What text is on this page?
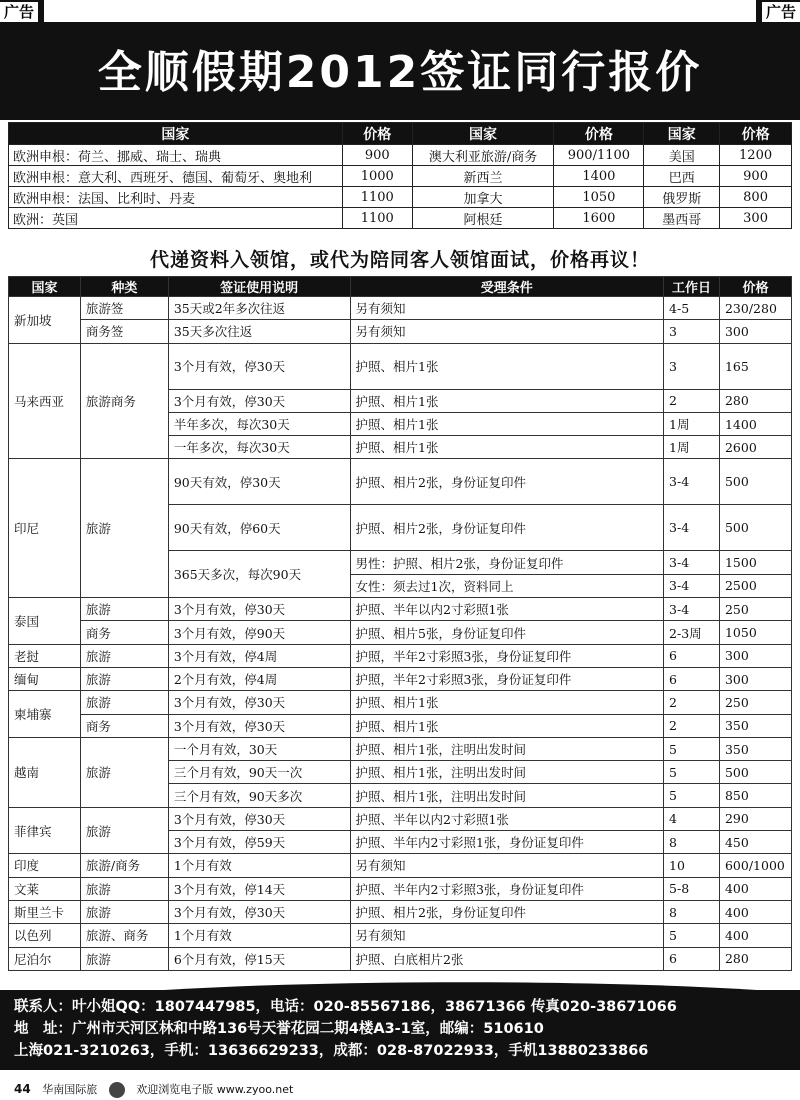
广告	广告
全顺假期2012签证同行报价
国家	价格	国家	价格	国家	价格
欧洲申根：荷兰、挪威、瑞士、瑞典	900	澳大利亚旅游/商务	900/1100	美国	1200
欧洲申根：意大利、西班牙、德国、葡萄牙、奥地利	1000	新西兰	1400	巴西	900
欧洲申根：法国、比利时、丹麦	1100	加拿大	1050	俄罗斯	800
欧洲：英国	1100	阿根廷	1600	墨西哥	300
代递资料入领馆，或代为陪同客人领馆面试，价格再议！
国家	种类	签证使用说明	受理条件	工作日	价格
新加坡	旅游签	35天或2年多次往返	另有须知	4-5	230/280
	商务签	35天多次往返	另有须知	3	300
马来西亚	旅游商务	3个月有效，停30天	护照、相片1张	3	165
		3个月有效，停30天	护照、相片1张	2	280
		半年多次，每次30天	护照、相片1张	1周	1400
		一年多次，每次30天	护照、相片1张	1周	2600
印尼	旅游	90天有效，停30天	护照、相片2张，身份证复印件	3-4	500
		90天有效，停60天	护照、相片2张，身份证复印件	3-4	500
		365天多次，每次90天	男性：护照、相片2张，身份证复印件	3-4	1500
			女性：须去过1次，资料同上	3-4	2500
泰国	旅游	3个月有效，停30天	护照、半年以内2寸彩照1张	3-4	250
	商务	3个月有效，停90天	护照、相片5张，身份证复印件	2-3周	1050
老挝	旅游	3个月有效，停4周	护照，半年2寸彩照3张，身份证复印件	6	300
缅甸	旅游	2个月有效，停4周	护照，半年2寸彩照3张，身份证复印件	6	300
柬埔寨	旅游	3个月有效，停30天	护照、相片1张	2	250
	商务	3个月有效，停30天	护照、相片1张	2	350
越南	旅游	一个月有效，30天	护照、相片1张，注明出发时间	5	350
		三个月有效，90天一次	护照、相片1张，注明出发时间	5	500
		三个月有效，90天多次	护照、相片1张，注明出发时间	5	850
菲律宾	旅游	3个月有效，停30天	护照、半年以内2寸彩照1张	4	290
		3个月有效，停59天	护照、半年内2寸彩照1张，身份证复印件	8	450
印度	旅游/商务	1个月有效	另有须知	10	600/1000
文莱	旅游	3个月有效，停14天	护照、半年内2寸彩照3张，身份证复印件	5-8	400
斯里兰卡	旅游	3个月有效，停30天	护照、相片2张，身份证复印件	8	400
以色列	旅游、商务	1个月有效	另有须知	5	400
尼泊尔	旅游	6个月有效，停15天	护照、白底相片2张	6	280
联系人：叶小姐QQ：1807447985，电话：020-85567186，38671366 传真020-38671066
地　址：广州市天河区林和中路136号天誉花园二期4楼A3-1室，邮编：510610
上海021-3210263，手机：13636629233，成都：028-87022933，手机13880233866
44 华南国际旅	欢迎浏览电子版 www.zyoo.net
